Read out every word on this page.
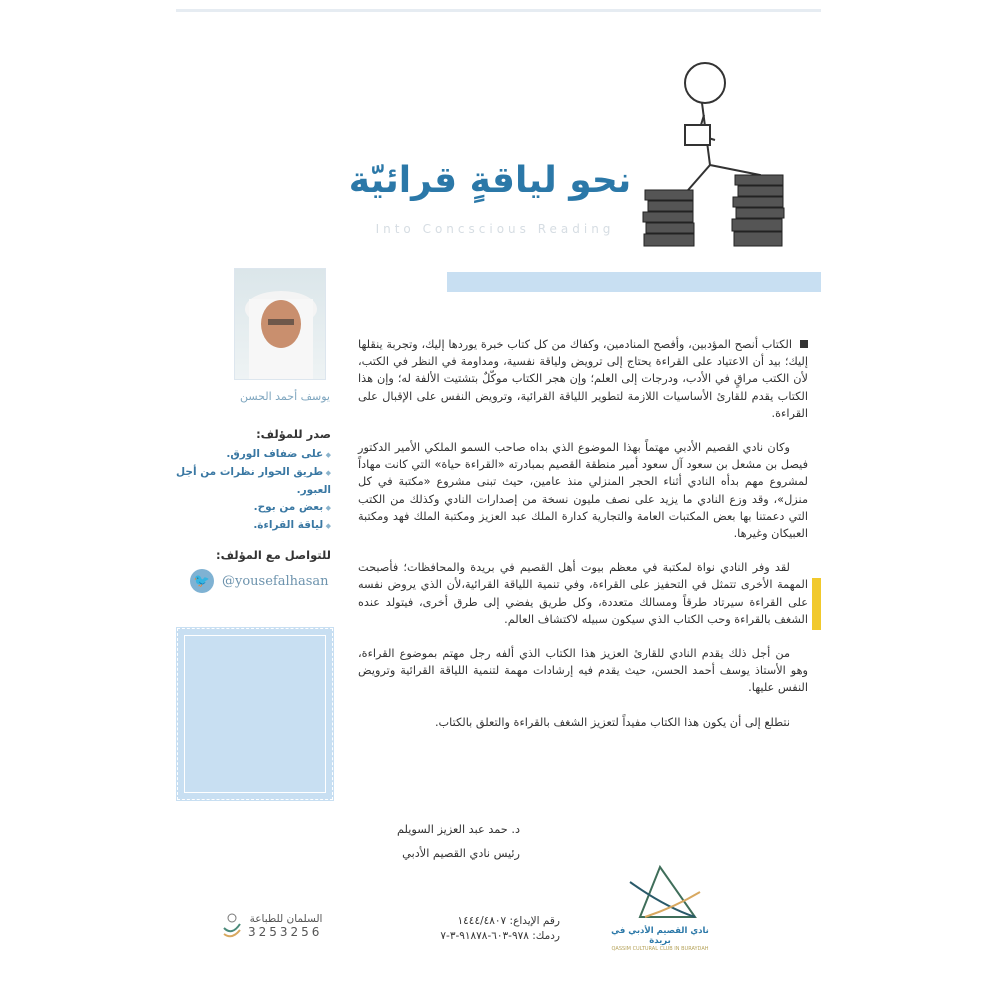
نحو لياقةٍ قرائيّة
Into Concscious Reading
يوسف أحمد الحسن
صدر للمؤلف:
◆ على ضفاف الورق.
◆ طريق الحوار نظرات من أجل العبور.
◆ بعض من بوح.
◆ لياقة القراءة.
للتواصل مع المؤلف:
🐦 @yousefalhasan

الكتاب أنصح المؤدبين، وأفصح المنادمين، وكفاك من كل كتاب خبرة يوردها إليك، وتجربة ينقلها إليك؛ بيد أن الاعتياد على القراءة يحتاج إلى ترويض ولياقة نفسية، ومداومة في النظر في الكتب، لأن الكتب مراقٍ في الأدب، ودرجات إلى العلم؛ وإن هجر الكتاب موكّلٌ بتشتيت الألفة له؛ وإن هذا الكتاب يقدم للقارئ الأساسيات اللازمة لتطوير اللياقة القرائية، وترويض النفس على الإقبال على القراءة.

وكان نادي القصيم الأدبي مهتماً بهذا الموضوع الذي بداه صاحب السمو الملكي الأمير الدكتور فيصل بن مشعل بن سعود آل سعود أمير منطقة القصيم بمبادرته «القراءة حياة» التي كانت مهاداً لمشروع مهم بدأه النادي أثناء الحجر المنزلي منذ عامين، حيث تبنى مشروع «مكتبة في كل منزل»، وقد وزع النادي ما يزيد على نصف مليون نسخة من إصدارات النادي وكذلك من الكتب التي دعمتنا بها بعض المكتبات العامة والتجارية كدارة الملك عبد العزيز ومكتبة الملك فهد ومكتبة العبيكان وغيرها.

لقد وفر النادي نواة لمكتبة في معظم بيوت أهل القصيم في بريدة والمحافظات؛ فأصبحت المهمة الأخرى تتمثل في التحفيز على القراءة، وفي تنمية اللياقة القرائية،لأن الذي يروض نفسه على القراءة سيرتاد طرقاً ومسالك متعددة، وكل طريق يفضي إلى طرق أخرى، فيتولد عنده الشغف بالقراءة وحب الكتاب الذي سيكون سبيله لاكتشاف العالم.

من أجل ذلك يقدم النادي للقارئ العزيز هذا الكتاب الذي ألفه رجل مهتم بموضوع القراءة، وهو الأستاذ يوسف أحمد الحسن، حيث يقدم فيه إرشادات مهمة لتنمية اللياقة القرائية وترويض النفس عليها.

نتطلع إلى أن يكون هذا الكتاب مفيداً لتعزيز الشغف بالقراءة والتعلق بالكتاب.

د. حمد عبد العزيز السويلم
رئيس نادي القصيم الأدبي
نادي القصيم الأدبي في بريدة
QASSIM CULTURAL CLUB IN BURAYDAH
رقم الإيداع: ١٤٤٤/٤٨٠٧
ردمك: ٩٧٨-٦٠٣-٩١٨٧٨-٣-٧
السلمان للطباعة
3253256
